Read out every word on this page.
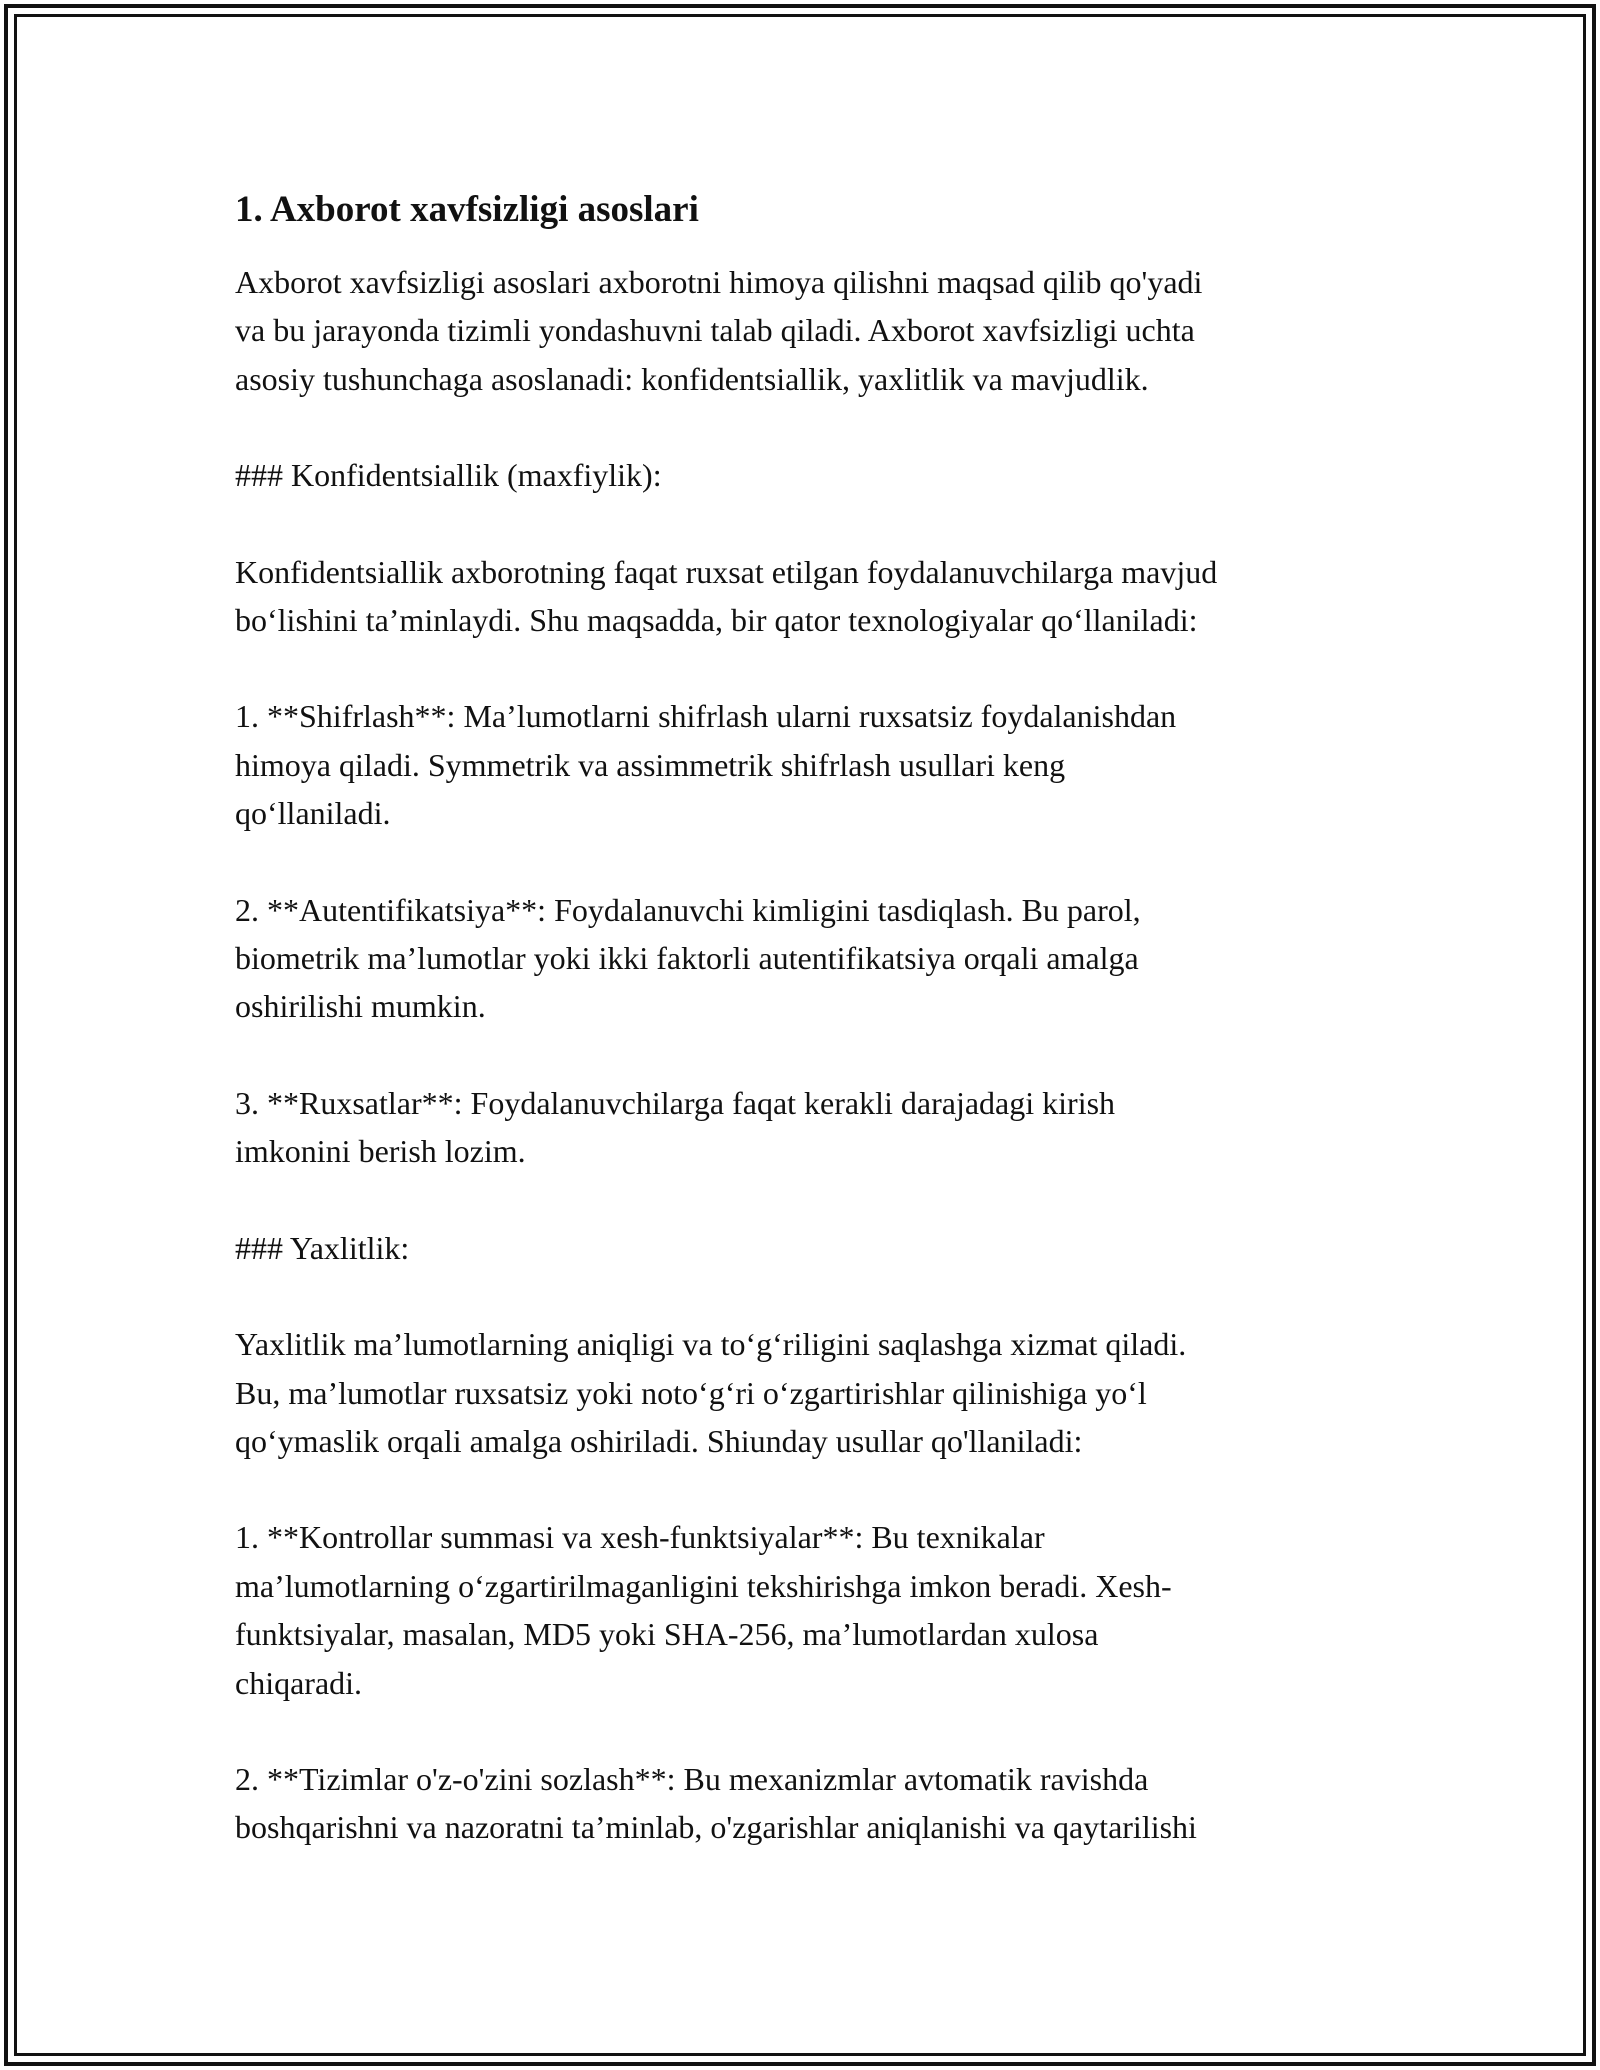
1. Axborot xavfsizligi asoslari

Axborot xavfsizligi asoslari axborotni himoya qilishni maqsad qilib qo'yadi
va bu jarayonda tizimli yondashuvni talab qiladi. Axborot xavfsizligi uchta
asosiy tushunchaga asoslanadi: konfidentsiallik, yaxlitlik va mavjudlik.

### Konfidentsiallik (maxfiylik):

Konfidentsiallik axborotning faqat ruxsat etilgan foydalanuvchilarga mavjud
bo‘lishini ta’minlaydi. Shu maqsadda, bir qator texnologiyalar qo‘llaniladi:

1. **Shifrlash**: Ma’lumotlarni shifrlash ularni ruxsatsiz foydalanishdan
himoya qiladi. Symmetrik va assimmetrik shifrlash usullari keng
qo‘llaniladi.

2. **Autentifikatsiya**: Foydalanuvchi kimligini tasdiqlash. Bu parol,
biometrik ma’lumotlar yoki ikki faktorli autentifikatsiya orqali amalga
oshirilishi mumkin.

3. **Ruxsatlar**: Foydalanuvchilarga faqat kerakli darajadagi kirish
imkonini berish lozim.

### Yaxlitlik:

Yaxlitlik ma’lumotlarning aniqligi va to‘g‘riligini saqlashga xizmat qiladi.
Bu, ma’lumotlar ruxsatsiz yoki noto‘g‘ri o‘zgartirishlar qilinishiga yo‘l
qo‘ymaslik orqali amalga oshiriladi. Shiunday usullar qo'llaniladi:

1. **Kontrollar summasi va xesh-funktsiyalar**: Bu texnikalar
ma’lumotlarning o‘zgartirilmaganligini tekshirishga imkon beradi. Xesh-
funktsiyalar, masalan, MD5 yoki SHA-256, ma’lumotlardan xulosa
chiqaradi.

2. **Tizimlar o'z-o'zini sozlash**: Bu mexanizmlar avtomatik ravishda
boshqarishni va nazoratni ta’minlab, o'zgarishlar aniqlanishi va qaytarilishi
